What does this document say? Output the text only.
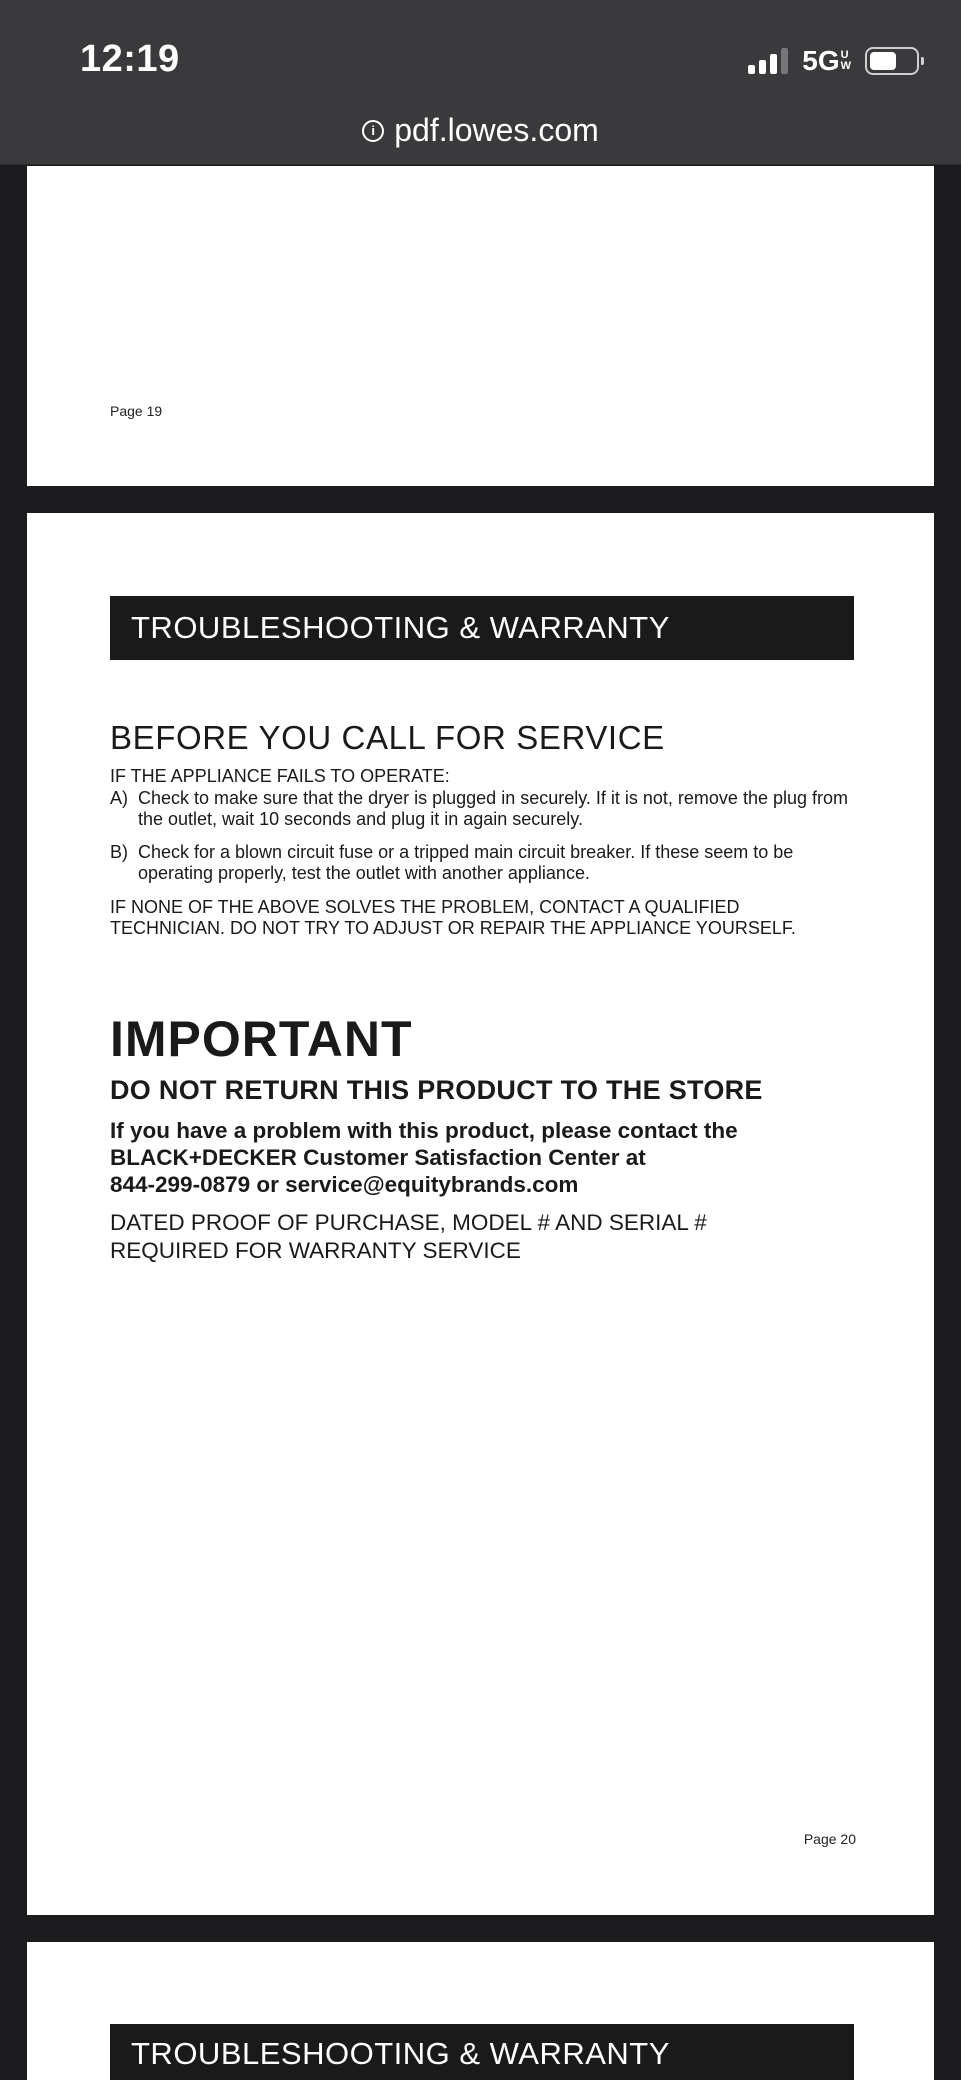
12:19	5G U
W
i pdf.lowes.com
Page 19
TROUBLESHOOTING & WARRANTY
BEFORE YOU CALL FOR SERVICE
IF THE APPLIANCE FAILS TO OPERATE:
A) Check to make sure that the dryer is plugged in securely. If it is not, remove the plug from the outlet, wait 10 seconds and plug it in again securely.
B) Check for a blown circuit fuse or a tripped main circuit breaker. If these seem to be operating properly, test the outlet with another appliance.
IF NONE OF THE ABOVE SOLVES THE PROBLEM, CONTACT A QUALIFIED TECHNICIAN. DO NOT TRY TO ADJUST OR REPAIR THE APPLIANCE YOURSELF.
IMPORTANT
DO NOT RETURN THIS PRODUCT TO THE STORE
If you have a problem with this product, please contact the
BLACK+DECKER Customer Satisfaction Center at
844-299-0879 or service@equitybrands.com
DATED PROOF OF PURCHASE, MODEL # AND SERIAL # REQUIRED FOR WARRANTY SERVICE
Page 20
TROUBLESHOOTING & WARRANTY
